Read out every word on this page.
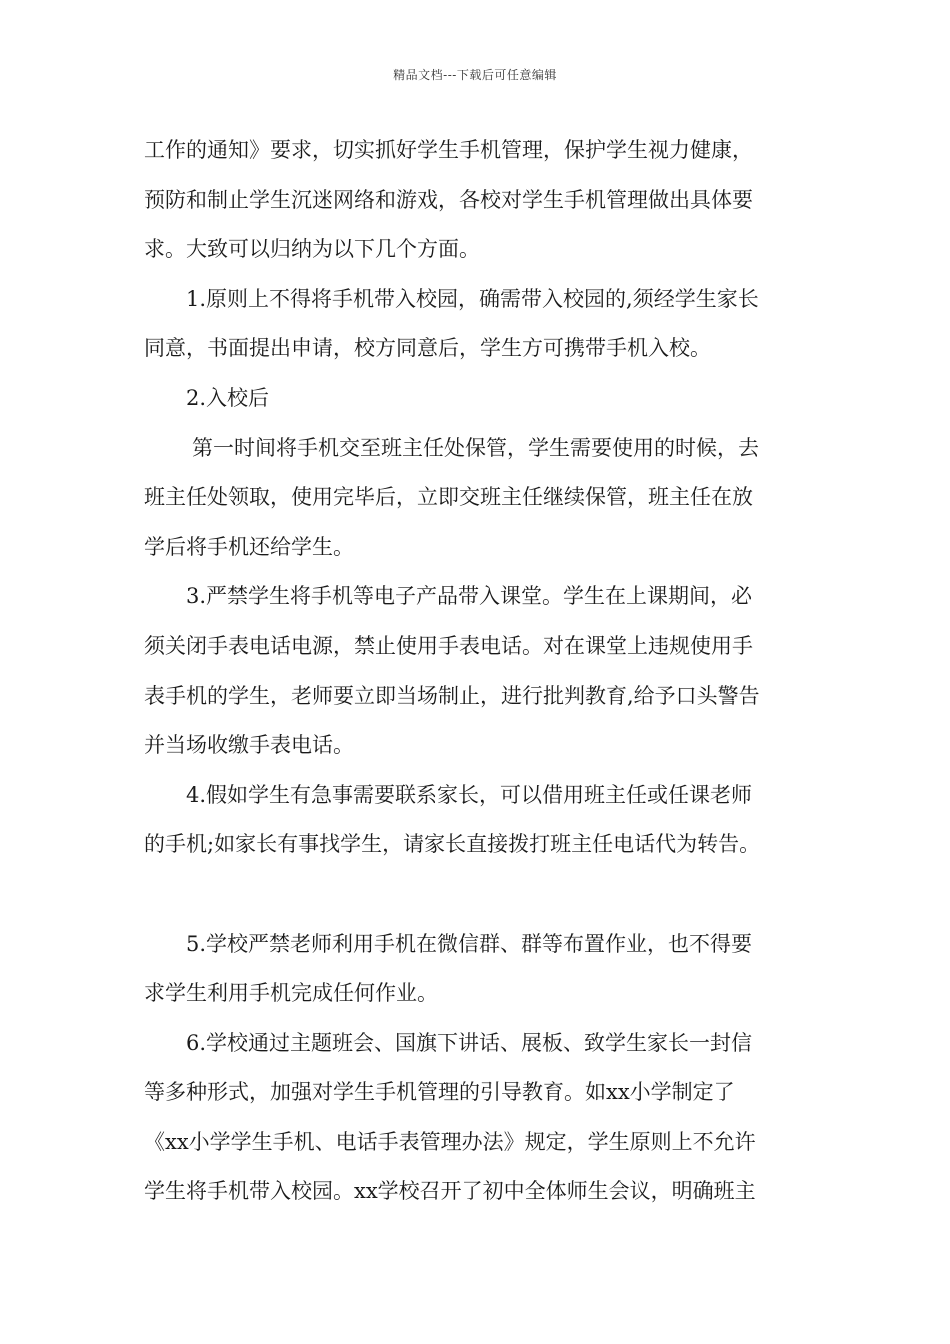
精品文档---下载后可任意编辑
工作的通知》要求，切实抓好学生手机管理，保护学生视力健康，
预防和制止学生沉迷网络和游戏，各校对学生手机管理做出具体要
求。大致可以归纳为以下几个方面。
1.原则上不得将手机带入校园，确需带入校园的,须经学生家长
同意，书面提出申请，校方同意后，学生方可携带手机入校。
2.入校后
第一时间将手机交至班主任处保管，学生需要使用的时候，去
班主任处领取，使用完毕后，立即交班主任继续保管，班主任在放
学后将手机还给学生。
3.严禁学生将手机等电子产品带入课堂。学生在上课期间，必
须关闭手表电话电源，禁止使用手表电话。对在课堂上违规使用手
表手机的学生，老师要立即当场制止，进行批判教育,给予口头警告
并当场收缴手表电话。
4.假如学生有急事需要联系家长，可以借用班主任或任课老师
的手机;如家长有事找学生，请家长直接拨打班主任电话代为转告。
5.学校严禁老师利用手机在微信群、群等布置作业，也不得要
求学生利用手机完成任何作业。
6.学校通过主题班会、国旗下讲话、展板、致学生家长一封信
等多种形式，加强对学生手机管理的引导教育。如xx小学制定了
《xx小学学生手机、电话手表管理办法》规定，学生原则上不允许
学生将手机带入校园。xx学校召开了初中全体师生会议，明确班主
